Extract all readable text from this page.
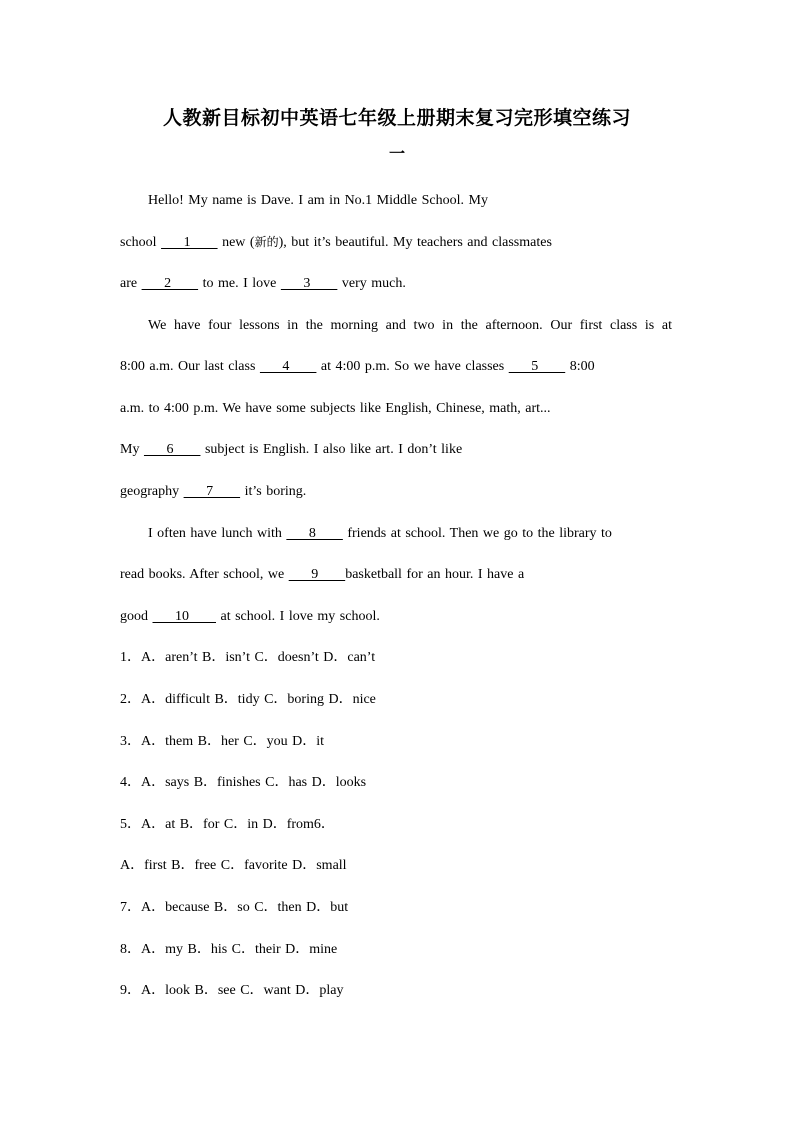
人教新目标初中英语七年级上册期末复习完形填空练习
一
Hello! My name is Dave. I am in No.1 Middle School. My
school      1       new (新的), but it’s beautiful. My teachers and classmates
are      2       to me. I love      3       very much.
We have four lessons in the morning and two in the afternoon. Our first class is at
8:00 a.m. Our last class      4       at 4:00 p.m. So we have classes      5       8:00
a.m. to 4:00 p.m. We have some subjects like English, Chinese, math, art...
My      6       subject is English. I also like art. I don’t like
geography      7       it’s boring.
I often have lunch with      8       friends at school. Then we go to the library to
read books. After school, we      9      basketball for an hour. I have a
good      10       at school. I love my school.
1．A．aren’t B．isn’t C．doesn’t D．can’t
2．A．difficult B．tidy C．boring D．nice
3．A．them B．her C．you D．it
4．A．says B．finishes C．has D．looks
5．A．at B．for C．in D．from6．
A．first B．free C．favorite D．small
7．A．because B．so C．then D．but
8．A．my B．his C．their D．mine
9．A．look B．see C．want D．play
